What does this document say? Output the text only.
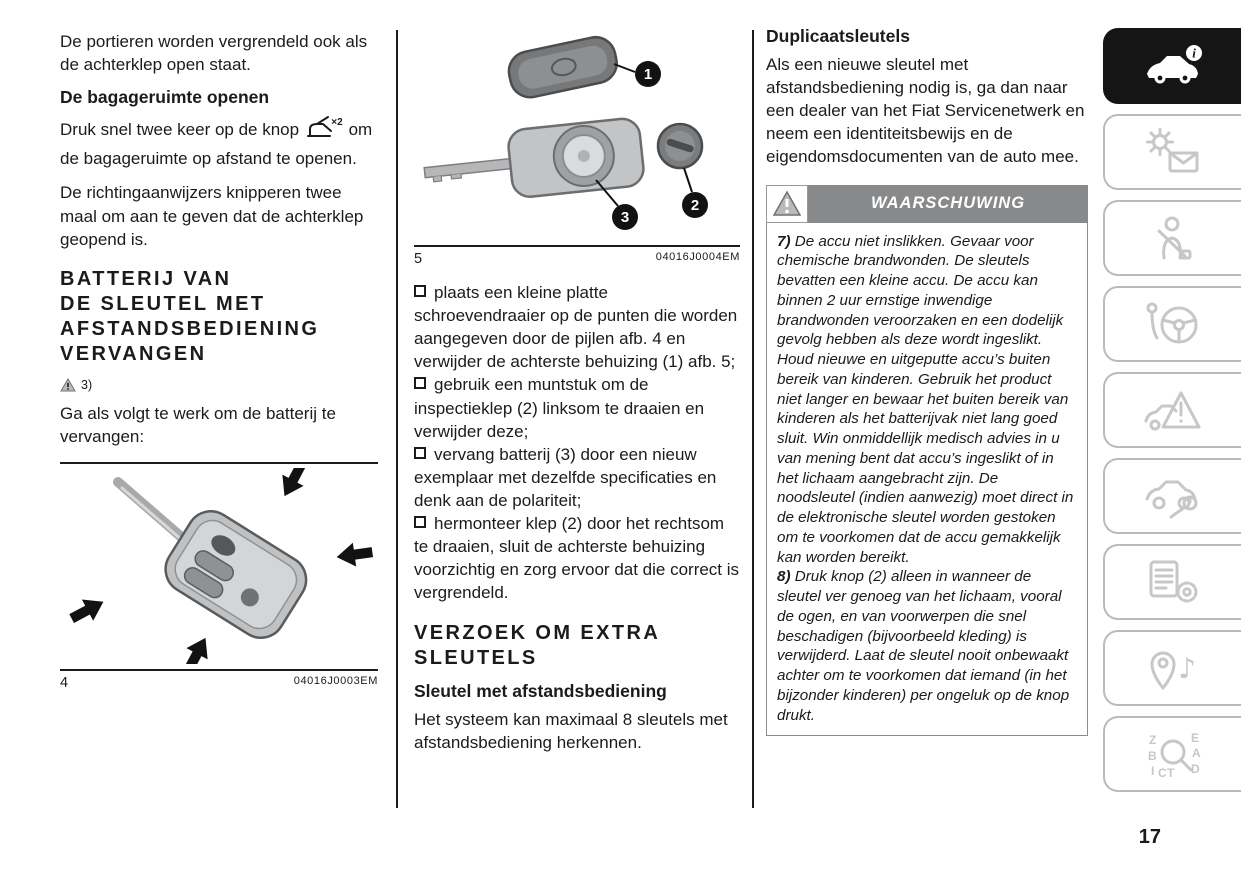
De portieren worden vergrendeld ook als de achterklep open staat.

De bagageruimte openen

Druk snel twee keer op de knop	×2 om de bagageruimte op afstand te openen.

De richtingaanwijzers knipperen twee maal om aan te geven dat de achterklep geopend is.

BATTERIJ VAN
DE SLEUTEL MET
AFSTANDSBEDIENING
VERVANGEN
3)

Ga als volgt te werk om de batterij te vervangen:

4	04016J0003EM
1
2
3
5	04016J0004EM
plaats een kleine platte schroevendraaier op de punten die worden aangegeven door de pijlen afb. 4 en verwijder de achterste behuizing (1) afb. 5;
gebruik een muntstuk om de inspectieklep (2) linksom te draaien en verwijder deze;
vervang batterij (3) door een nieuw exemplaar met dezelfde specificaties en denk aan de polariteit;
hermonteer klep (2) door het rechtsom te draaien, sluit de achterste behuizing voorzichtig en zorg ervoor dat die correct is vergrendeld.
VERZOEK OM EXTRA
SLEUTELS
Sleutel met afstandsbediening

Het systeem kan maximaal 8 sleutels met afstandsbediening herkennen.

Duplicaatsleutels

Als een nieuwe sleutel met afstandsbediening nodig is, ga dan naar een dealer van het Fiat Servicenetwerk en neem een identiteitsbewijs en de eigendomsdocumenten van de auto mee.

WAARSCHUWING

7) De accu niet inslikken. Gevaar voor chemische brandwonden. De sleutels bevatten een kleine accu. De accu kan binnen 2 uur ernstige inwendige brandwonden veroorzaken en een dodelijk gevolg hebben als deze wordt ingeslikt. Houd nieuwe en uitgeputte accu’s buiten bereik van kinderen. Gebruik het product niet langer en bewaar het buiten bereik van kinderen als het batterijvak niet lang goed sluit. Win onmiddellijk medisch advies in u van mening bent dat accu’s ingeslikt of in het lichaam aangebracht zijn. De noodsleutel (indien aanwezig) moet direct in de elektronische sleutel worden gestoken om te voorkomen dat de accu gemakkelijk kan worden bereikt.

8) Druk knop (2) alleen in wanneer de sleutel ver genoeg van het lichaam, vooral de ogen, en van voorwerpen die snel beschadigen (bijvoorbeeld kleding) is verwijderd. Laat de sleutel nooit onbewaakt achter om te voorkomen dat iemand (in het bijzonder kinderen) per ongeluk op de knop drukt.

i
♪
Z	E
B	A
I C T D
17
